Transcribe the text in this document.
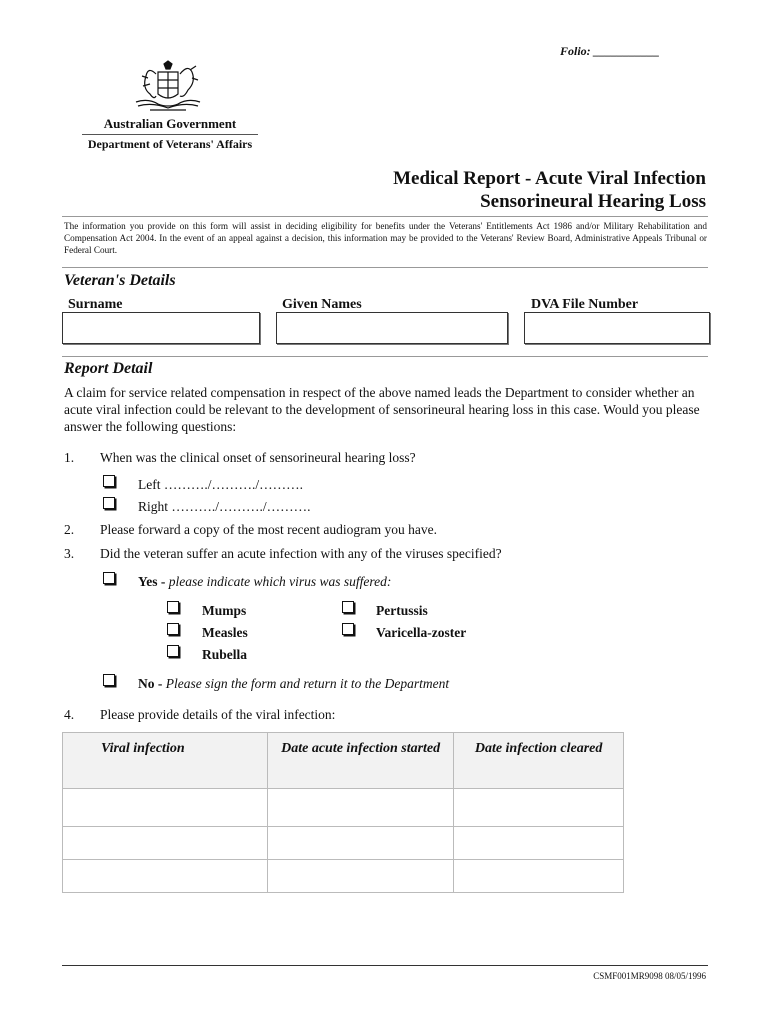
Folio: ___________
Australian Government
Department of Veterans' Affairs
Medical Report - Acute Viral Infection
Sensorineural Hearing Loss
The information you provide on this form will assist in deciding eligibility for benefits under the Veterans' Entitlements Act 1986 and/or Military Rehabilitation and Compensation Act 2004. In the event of an appeal against a decision, this information may be provided to the Veterans' Review Board, Administrative Appeals Tribunal or Federal Court.
Veteran's Details
Surname	Given Names	DVA File Number
Report Detail
A claim for service related compensation in respect of the above named leads the Department to consider whether an acute viral infection could be relevant to the development of sensorineural hearing loss in this case. Would you please answer the following questions:
1. When was the clinical onset of sensorineural hearing loss?
Left ………./………./……….
Right ………./………./……….
2. Please forward a copy of the most recent audiogram you have.
3. Did the veteran suffer an acute infection with any of the viruses specified?
Yes - please indicate which virus was suffered:
Mumps
Measles
Rubella
Pertussis
Varicella-zoster
No - Please sign the form and return it to the Department
4. Please provide details of the viral infection:
Viral infection	Date acute infection started	Date infection cleared

CSMF001MR9098 08/05/1996
